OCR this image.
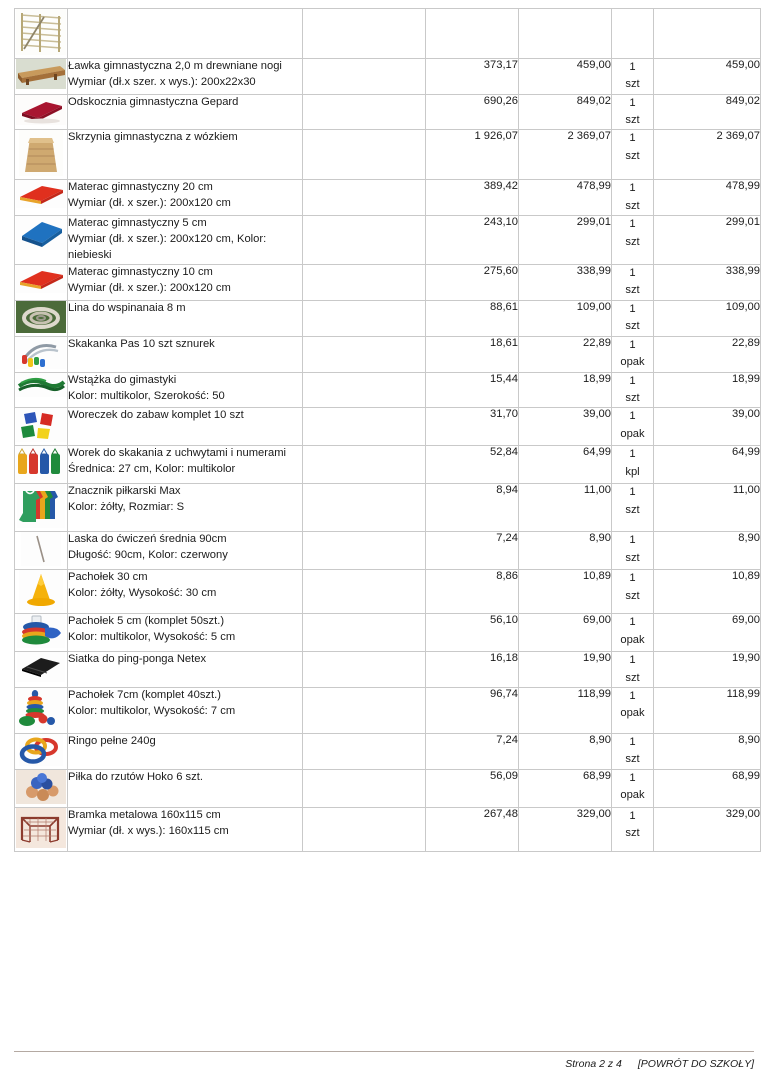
Ławka gimnastyczna 2,0 m drewniane nogi
Wymiar (dł.x szer. x wys.): 200x22x30		373,17	459,00	1
szt	459,00

Odskocznia gimnastyczna Gepard		690,26	849,02	1
szt	849,02

Skrzynia gimnastyczna z wózkiem		1 926,07	2 369,07	1
szt	2 369,07

Materac gimnastyczny 20 cm
Wymiar (dł. x szer.): 200x120 cm		389,42	478,99	1
szt	478,99

Materac gimnastyczny 5 cm
Wymiar (dł. x szer.): 200x120 cm, Kolor: niebieski		243,10	299,01	1
szt	299,01

Materac gimnastyczny 10 cm
Wymiar (dł. x szer.): 200x120 cm		275,60	338,99	1
szt	338,99

Lina do wspinanaia 8 m		88,61	109,00	1
szt	109,00

Skakanka Pas 10 szt sznurek		18,61	22,89	1
opak	22,89

Wstążka do gimastyki
Kolor: multikolor, Szerokość: 50		15,44	18,99	1
szt	18,99

Woreczek do zabaw komplet 10 szt		31,70	39,00	1
opak	39,00

Worek do skakania z uchwytami i numerami
Średnica: 27 cm, Kolor: multikolor		52,84	64,99	1
kpl	64,99

Znacznik piłkarski Max
Kolor: żółty, Rozmiar: S		8,94	11,00	1
szt	11,00

Laska do ćwiczeń średnia 90cm
Długość: 90cm, Kolor: czerwony		7,24	8,90	1
szt	8,90

Pachołek 30 cm
Kolor: żółty, Wysokość: 30 cm		8,86	10,89	1
szt	10,89

Pachołek 5 cm (komplet 50szt.)
Kolor: multikolor, Wysokość: 5 cm		56,10	69,00	1
opak	69,00

Siatka do ping-ponga Netex		16,18	19,90	1
szt	19,90

Pachołek 7cm (komplet 40szt.)
Kolor: multikolor, Wysokość: 7 cm		96,74	118,99	1
opak	118,99

Ringo pełne 240g		7,24	8,90	1
szt	8,90

Piłka do rzutów Hoko 6 szt.		56,09	68,99	1
opak	68,99

Bramka metalowa 160x115 cm
Wymiar (dł. x wys.): 160x115 cm		267,48	329,00	1
szt	329,00
Strona 2 z 4 [POWRÓT DO SZKOŁY]
